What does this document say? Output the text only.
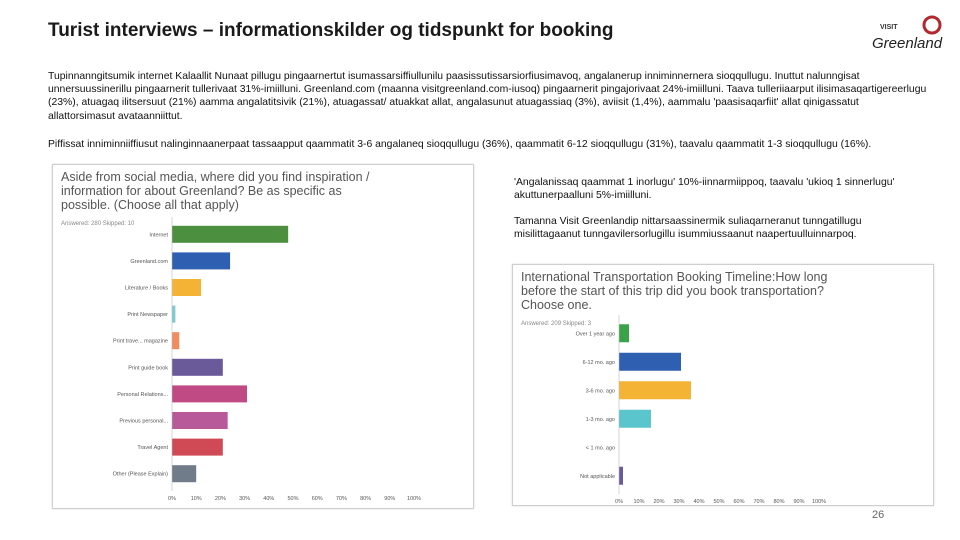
Turist interviews – informationskilder og tidspunkt for booking	VISIT
Greenland
Tupinnanngitsumik internet Kalaallit Nunaat pillugu pingaarnertut isumassarsiffiullunilu paasissutissarsiorfiusimavoq, angalanerup inniminnernera sioqqullugu. Inuttut nalunngisat unnersuussinerillu pingaarnerit tullerivaat 31%-imiilluni. Greenland.com (maanna visitgreenland.com-iusoq) pingaarnerit pingajorivaat 24%-imiilluni. Taava tulleriiaarput ilisimasaqartigereerlugu (23%), atuagaq ilitsersuut (21%) aamma angalatitsivik (21%), atuagassat/ atuakkat allat, angalasunut atuagassiaq (3%), aviisit (1,4%), aammalu 'paasisaqarfiit' allat qinigassatut allattorsimasut avataanniittut.
Piffissat inniminniiffiusut nalinginnaanerpaat tassaapput qaammatit 3-6 angalaneq sioqqullugu (36%), qaammatit 6-12 sioqqullugu (31%), taavalu qaammatit 1-3 sioqqullugu (16%).
Aside from social media, where did you find inspiration /
information for about Greenland? Be as specific as
possible. (Choose all that apply)
Answered: 280 Skipped: 10
Internet
Greenland.com
Literature / Books
Print Newspaper
Print trave... magazine
Print guide book
Personal Relations...
Previous personal...
Travel Agent
Other (Please Explain)
0%	10% 20% 30% 40% 50% 60% 70% 80% 90% 100%
'Angalanissaq qaammat 1 inorlugu' 10%-iinnarmiippoq, taavalu 'ukioq 1 sinnerlugu' akuttunerpaalluni 5%-imiilluni.
Tamanna Visit Greenlandip nittarsaassinermik suliaqarneranut tunngatillugu misilittagaanut tunngavilersorlugillu isummiussaanut naapertuulluinnarpoq.
International Transportation Booking Timeline:How long
before the start of this trip did you book transportation?
Choose one.
Answered: 209 Skipped: 3
Over 1 year ago
6-12 mo. ago
3-6 mo. ago
1-3 mo. ago
< 1 mo. ago
Not applicable
0% 10% 20% 30% 40% 50% 60% 70% 80% 90% 100%
26
